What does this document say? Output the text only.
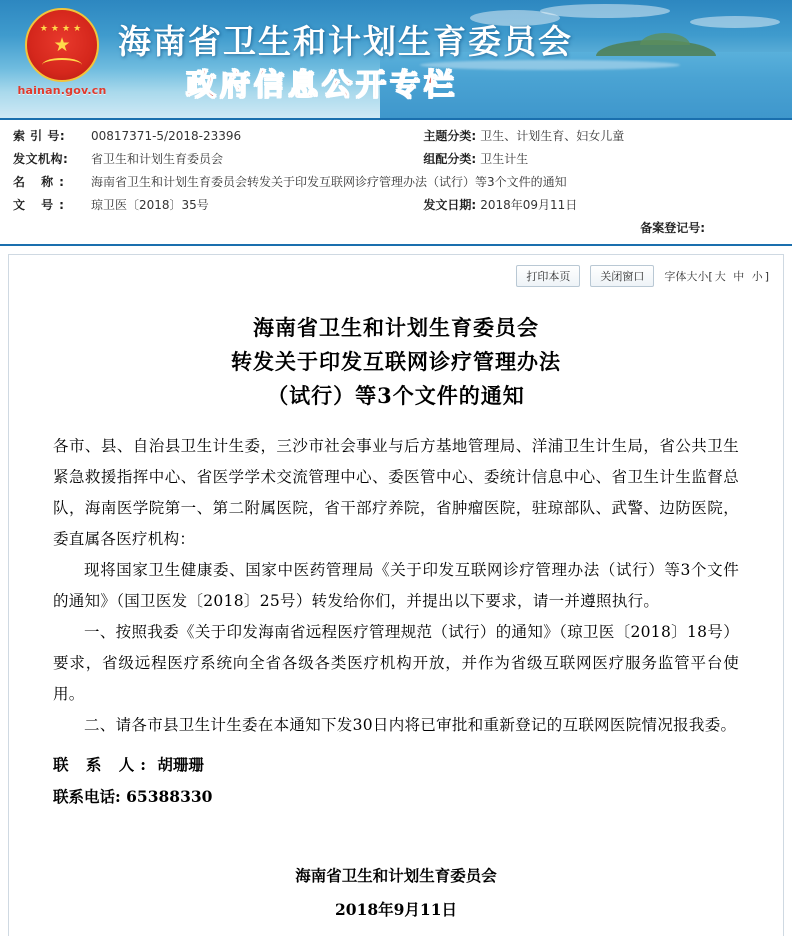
★★★★
★
hainan.gov.cn
海南省卫生和计划生育委员会
政府信息公开专栏
索 引 号:	00817371-5/2018-23396	主题分类:	卫生、计划生育、妇女儿童
发文机构:	省卫生和计划生育委员会	组配分类:	卫生计生
名 称:	海南省卫生和计划生育委员会转发关于印发互联网诊疗管理办法（试行）等3个文件的通知		
文 号:	琼卫医〔2018〕35号	发文日期:	2018年09月11日
			备案登记号:
打印本页	关闭窗口	字体大小[ 大 中 小 ]
海南省卫生和计划生育委员会
转发关于印发互联网诊疗管理办法
（试行）等3个文件的通知

各市、县、自治县卫生计生委，三沙市社会事业与后方基地管理局、洋浦卫生计生局，省公共卫生紧急救援指挥中心、省医学学术交流管理中心、委医管中心、委统计信息中心、省卫生计生监督总队，海南医学院第一、第二附属医院，省干部疗养院，省肿瘤医院，驻琼部队、武警、边防医院，委直属各医疗机构：

现将国家卫生健康委、国家中医药管理局《关于印发互联网诊疗管理办法（试行）等3个文件的通知》（国卫医发〔2018〕25号）转发给你们，并提出以下要求，请一并遵照执行。

一、按照我委《关于印发海南省远程医疗管理规范（试行）的通知》（琼卫医〔2018〕18号）要求，省级远程医疗系统向全省各级各类医疗机构开放，并作为省级互联网医疗服务监管平台使用。

二、请各市县卫生计生委在本通知下发30日内将已审批和重新登记的互联网医院情况报我委。

联 系 人: 胡珊珊
联系电话: 65388330
海南省卫生和计划生育委员会
2018年9月11日
